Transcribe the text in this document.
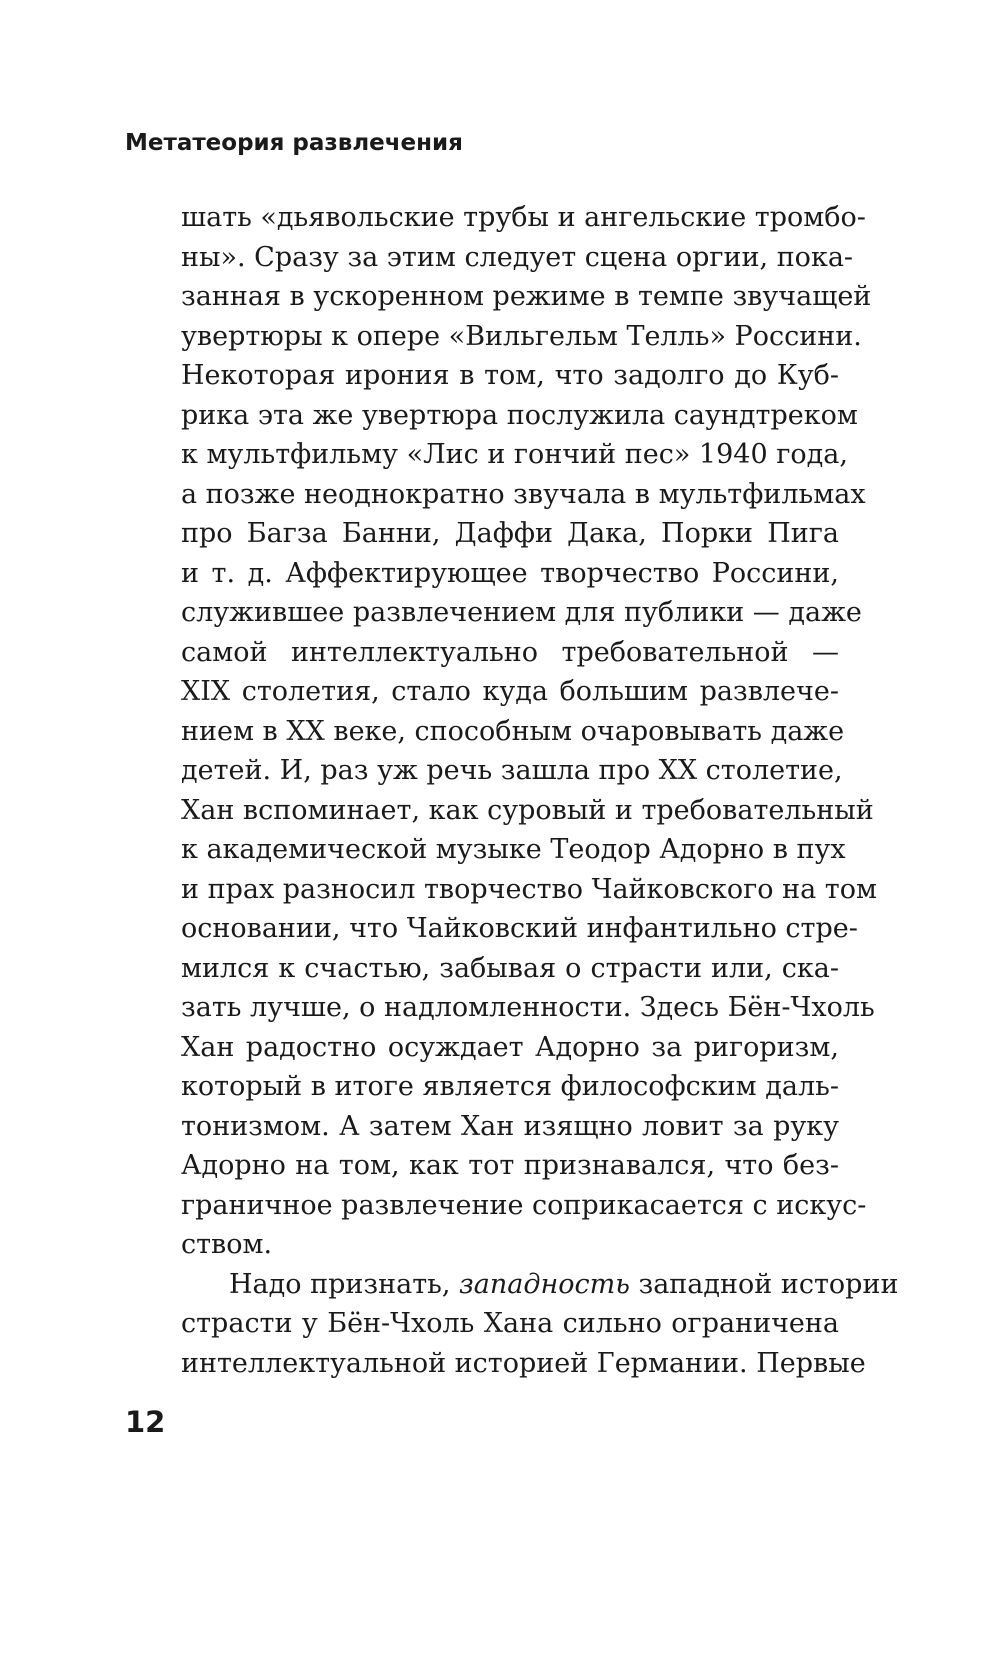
Метатеория развлечения
шать «дьявольские трубы и ангельские тромбо-
ны». Сразу за этим следует сцена оргии, пока-
занная в ускоренном режиме в темпе звучащей
увертюры к опере «Вильгельм Телль» Россини.
Некоторая ирония в том, что задолго до Куб-
рика эта же увертюра послужила саундтреком
к мультфильму «Лис и гончий пес» 1940 года,
а позже неоднократно звучала в мультфильмах
про Багза Банни, Даффи Дака, Порки Пига
и т. д. Аффектирующее творчество Россини,
служившее развлечением для публики — даже
самой интеллектуально требовательной —
XIX столетия, стало куда большим развлече-
нием в XX веке, способным очаровывать даже
детей. И, раз уж речь зашла про XX столетие,
Хан вспоминает, как суровый и требовательный
к академической музыке Теодор Адорно в пух
и прах разносил творчество Чайковского на том
основании, что Чайковский инфантильно стре-
мился к счастью, забывая о страсти или, ска-
зать лучше, о надломленности. Здесь Бён-Чхоль
Хан радостно осуждает Адорно за ригоризм,
который в итоге является философским даль-
тонизмом. А затем Хан изящно ловит за руку
Адорно на том, как тот признавался, что без-
граничное развлечение соприкасается с искус-
ством.
Надо признать, западность западной истории
страсти у Бён-Чхоль Хана сильно ограничена
интеллектуальной историей Германии. Первые
12
